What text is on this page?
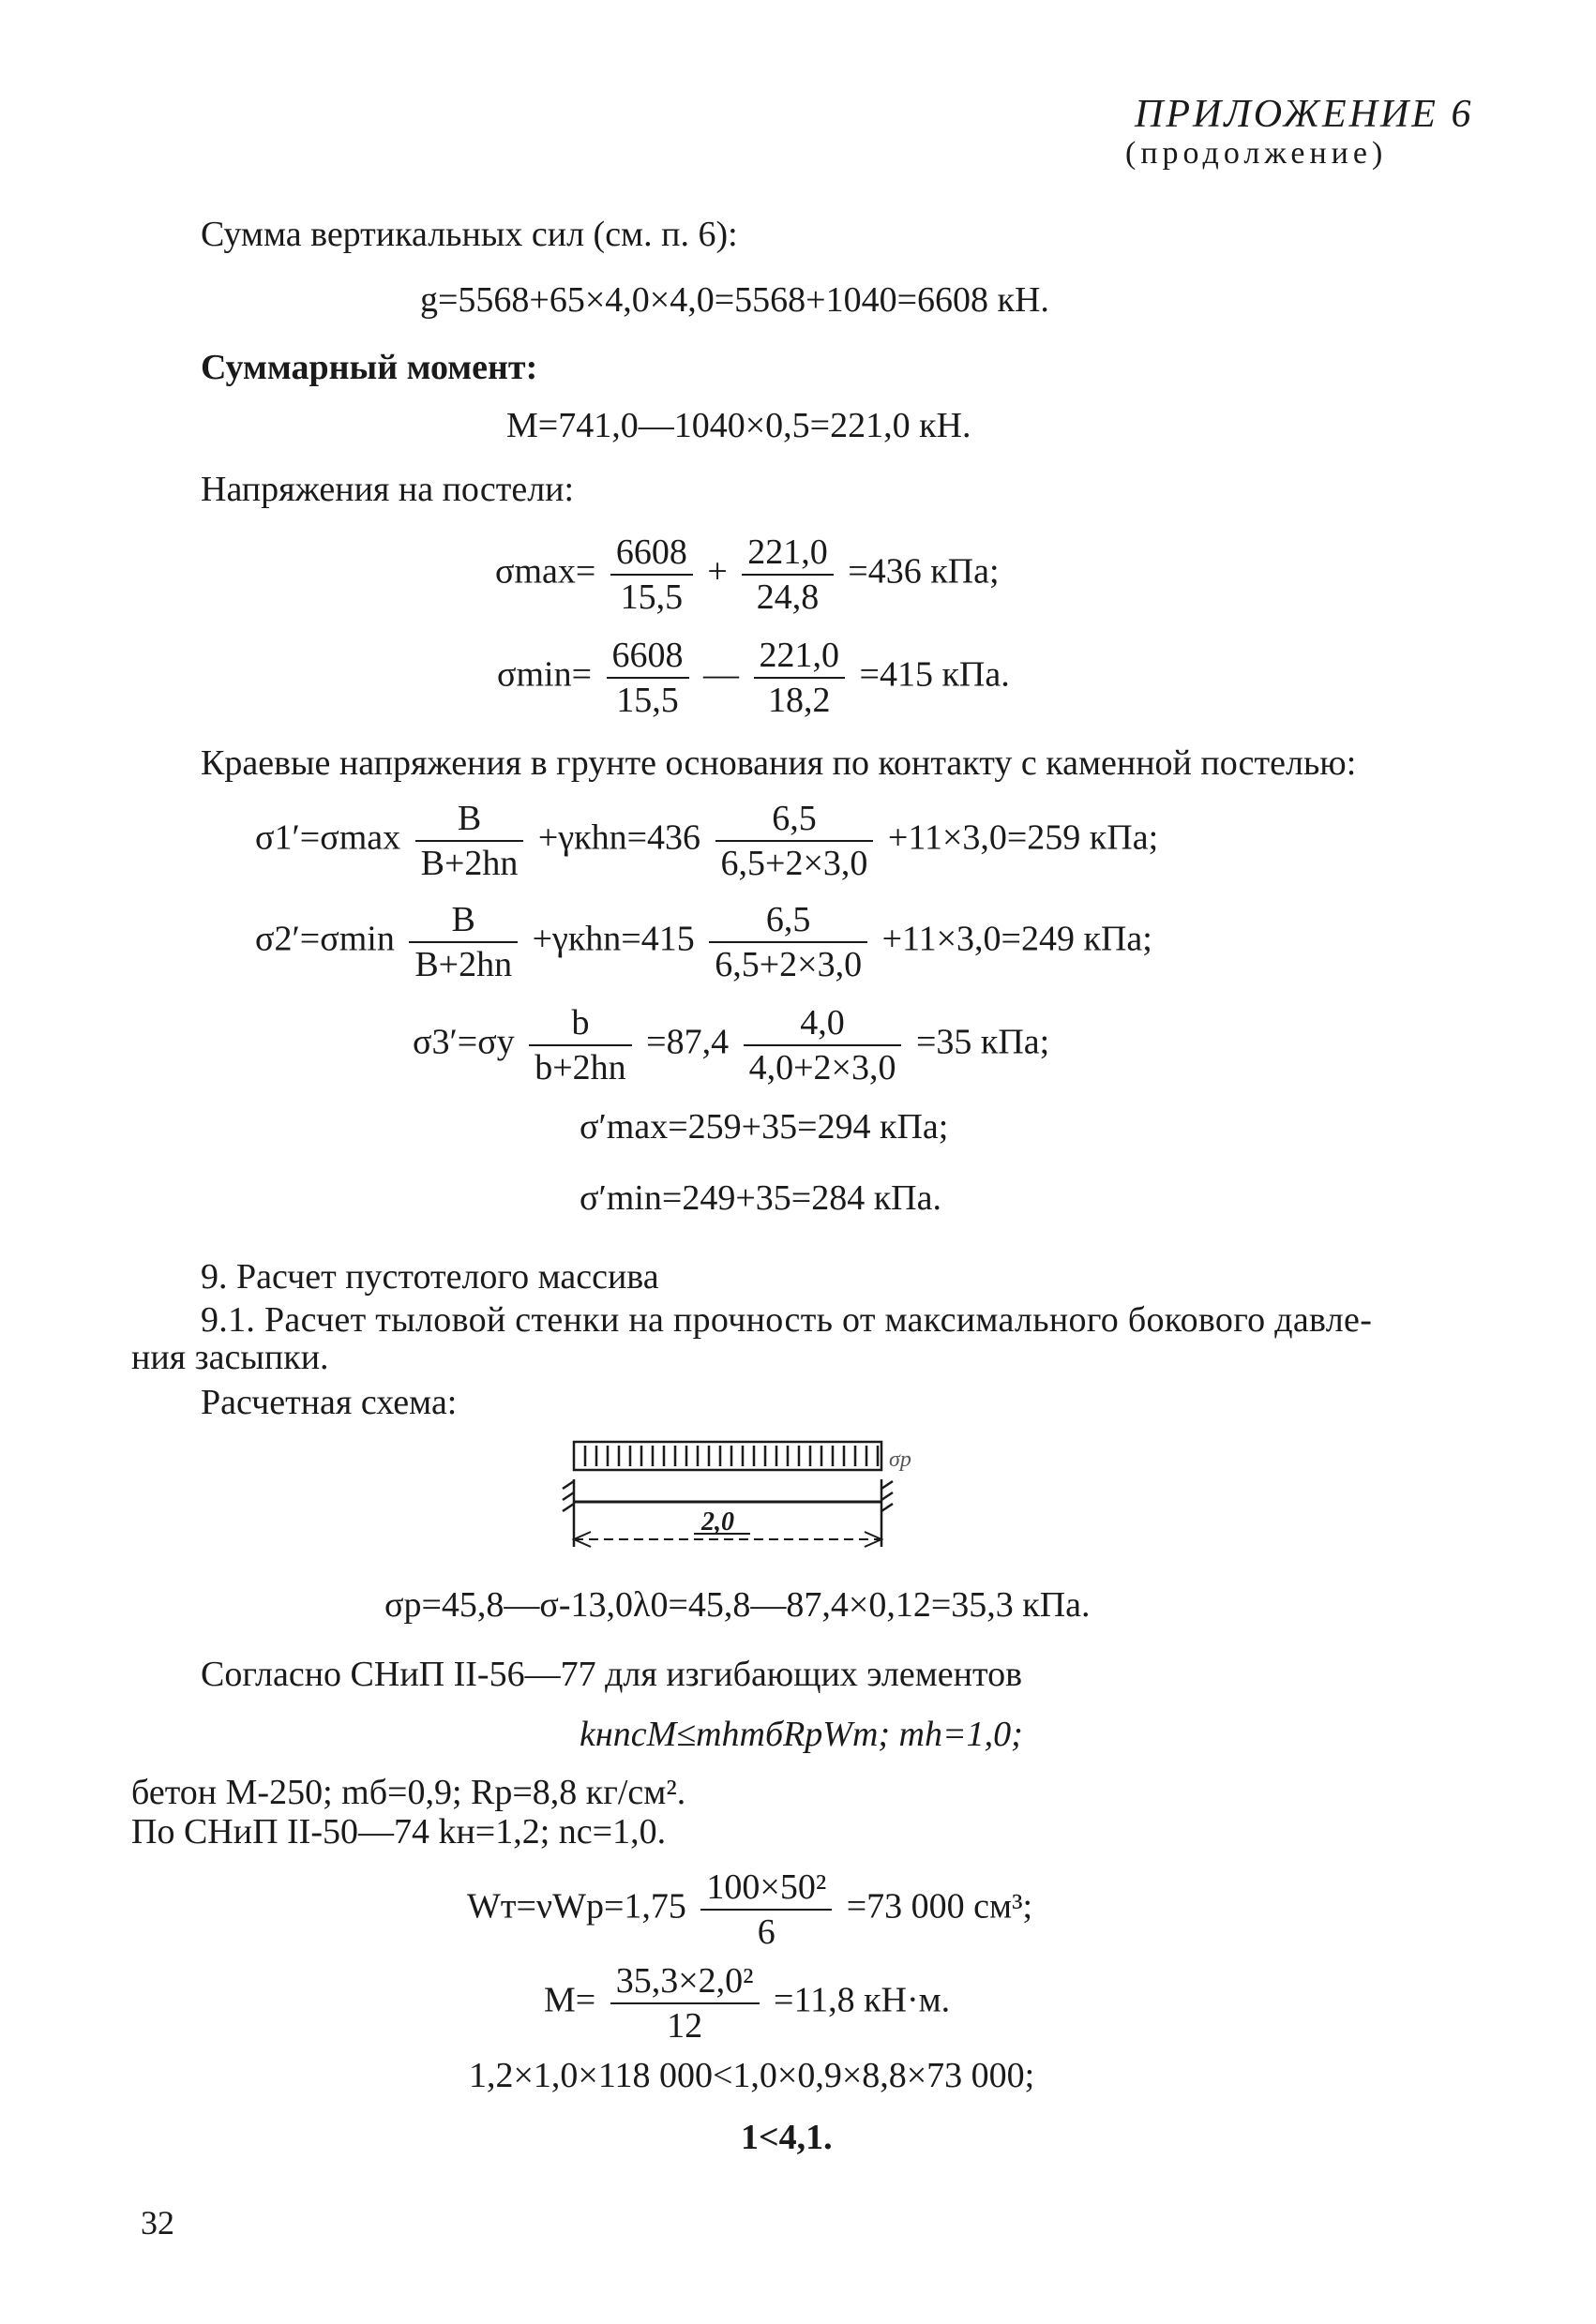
ПРИЛОЖЕНИЕ 6
(продолжение)
Сумма вертикальных сил (см. п. 6):
g=5568+65×4,0×4,0=5568+1040=6608 кН.
Суммарный момент:
M=741,0—1040×0,5=221,0 кН.
Напряжения на постели:
$\sigma\max= \frac{6608}{15,5} + \frac{221,0}{24,8} =436$ кПа;
$\sigma\min= \frac{6608}{15,5}$ — $\frac{221,0}{18,2} =415$ кПа.
Краевые напряжения в грунте основания по контакту с каменной постелью:
$\sigma 1'=\sigma\max \frac{B}{B+2hn} +\gamma кhn=436 \frac{6,5}{6,5+2\times 3,0} +11\times 3,0=259$ кПа;
$\sigma 2'=\sigma\min \frac{B}{B+2hn} +\gamma кhn=415 \frac{6,5}{6,5+2\times 3,0} +11\times 3,0=249$ кПа;
$\sigma 3'=\sigma y \frac{b}{b+2hn} =87,4 \frac{4,0}{4,0+2\times 3,0} =35$ кПа;
σ′max=259+35=294 кПа;
σ′min=249+35=284 кПа.
9. Расчет пустотелого массива
9.1. Расчет тыловой стенки на прочность от максимального бокового давле-
ния засыпки.
Расчетная схема:
σp
2,0
σp=45,8—σ-13,0λ0=45,8—87,4×0,12=35,3 кПа.
Согласно СНиП II-56—77 для изгибающих элементов
kнncM≤mhmбRpWт; mh=1,0;
бетон М-250; mб=0,9; Rp=8,8 кг/см².
По СНиП II-50—74 kн=1,2; nc=1,0.
$Wт=\nu Wp=1,75 \frac{\text{100×50²}}{6} =73$ 000 см³;
$M= \frac{\text{35,3×2,0²}}{12} =11,8$ кН·м.
1,2×1,0×118 000<1,0×0,9×8,8×73 000;
1<4,1.
32
